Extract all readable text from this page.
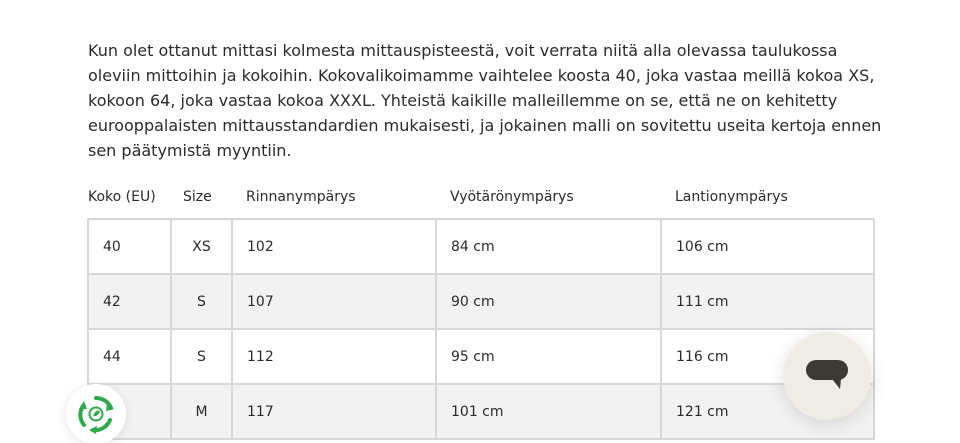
Kun olet ottanut mittasi kolmesta mittauspisteestä, voit verrata niitä alla olevassa taulukossa oleviin mittoihin ja kokoihin. Kokovalikoimamme vaihtelee koosta 40, joka vastaa meillä kokoa XS, kokoon 64, joka vastaa kokoa XXXL. Yhteistä kaikille malleillemme on se, että ne on kehitetty eurooppalaisten mittausstandardien mukaisesti, ja jokainen malli on sovitettu useita kertoja ennen sen päätymistä myyntiin.

Koko (EU)	Size	Rinnanympärys	Vyötärönympärys	Lantionympärys
40	XS	102	84 cm	106 cm
42	S	107	90 cm	111 cm
44	S	112	95 cm	116 cm
	M	117	101 cm	121 cm
